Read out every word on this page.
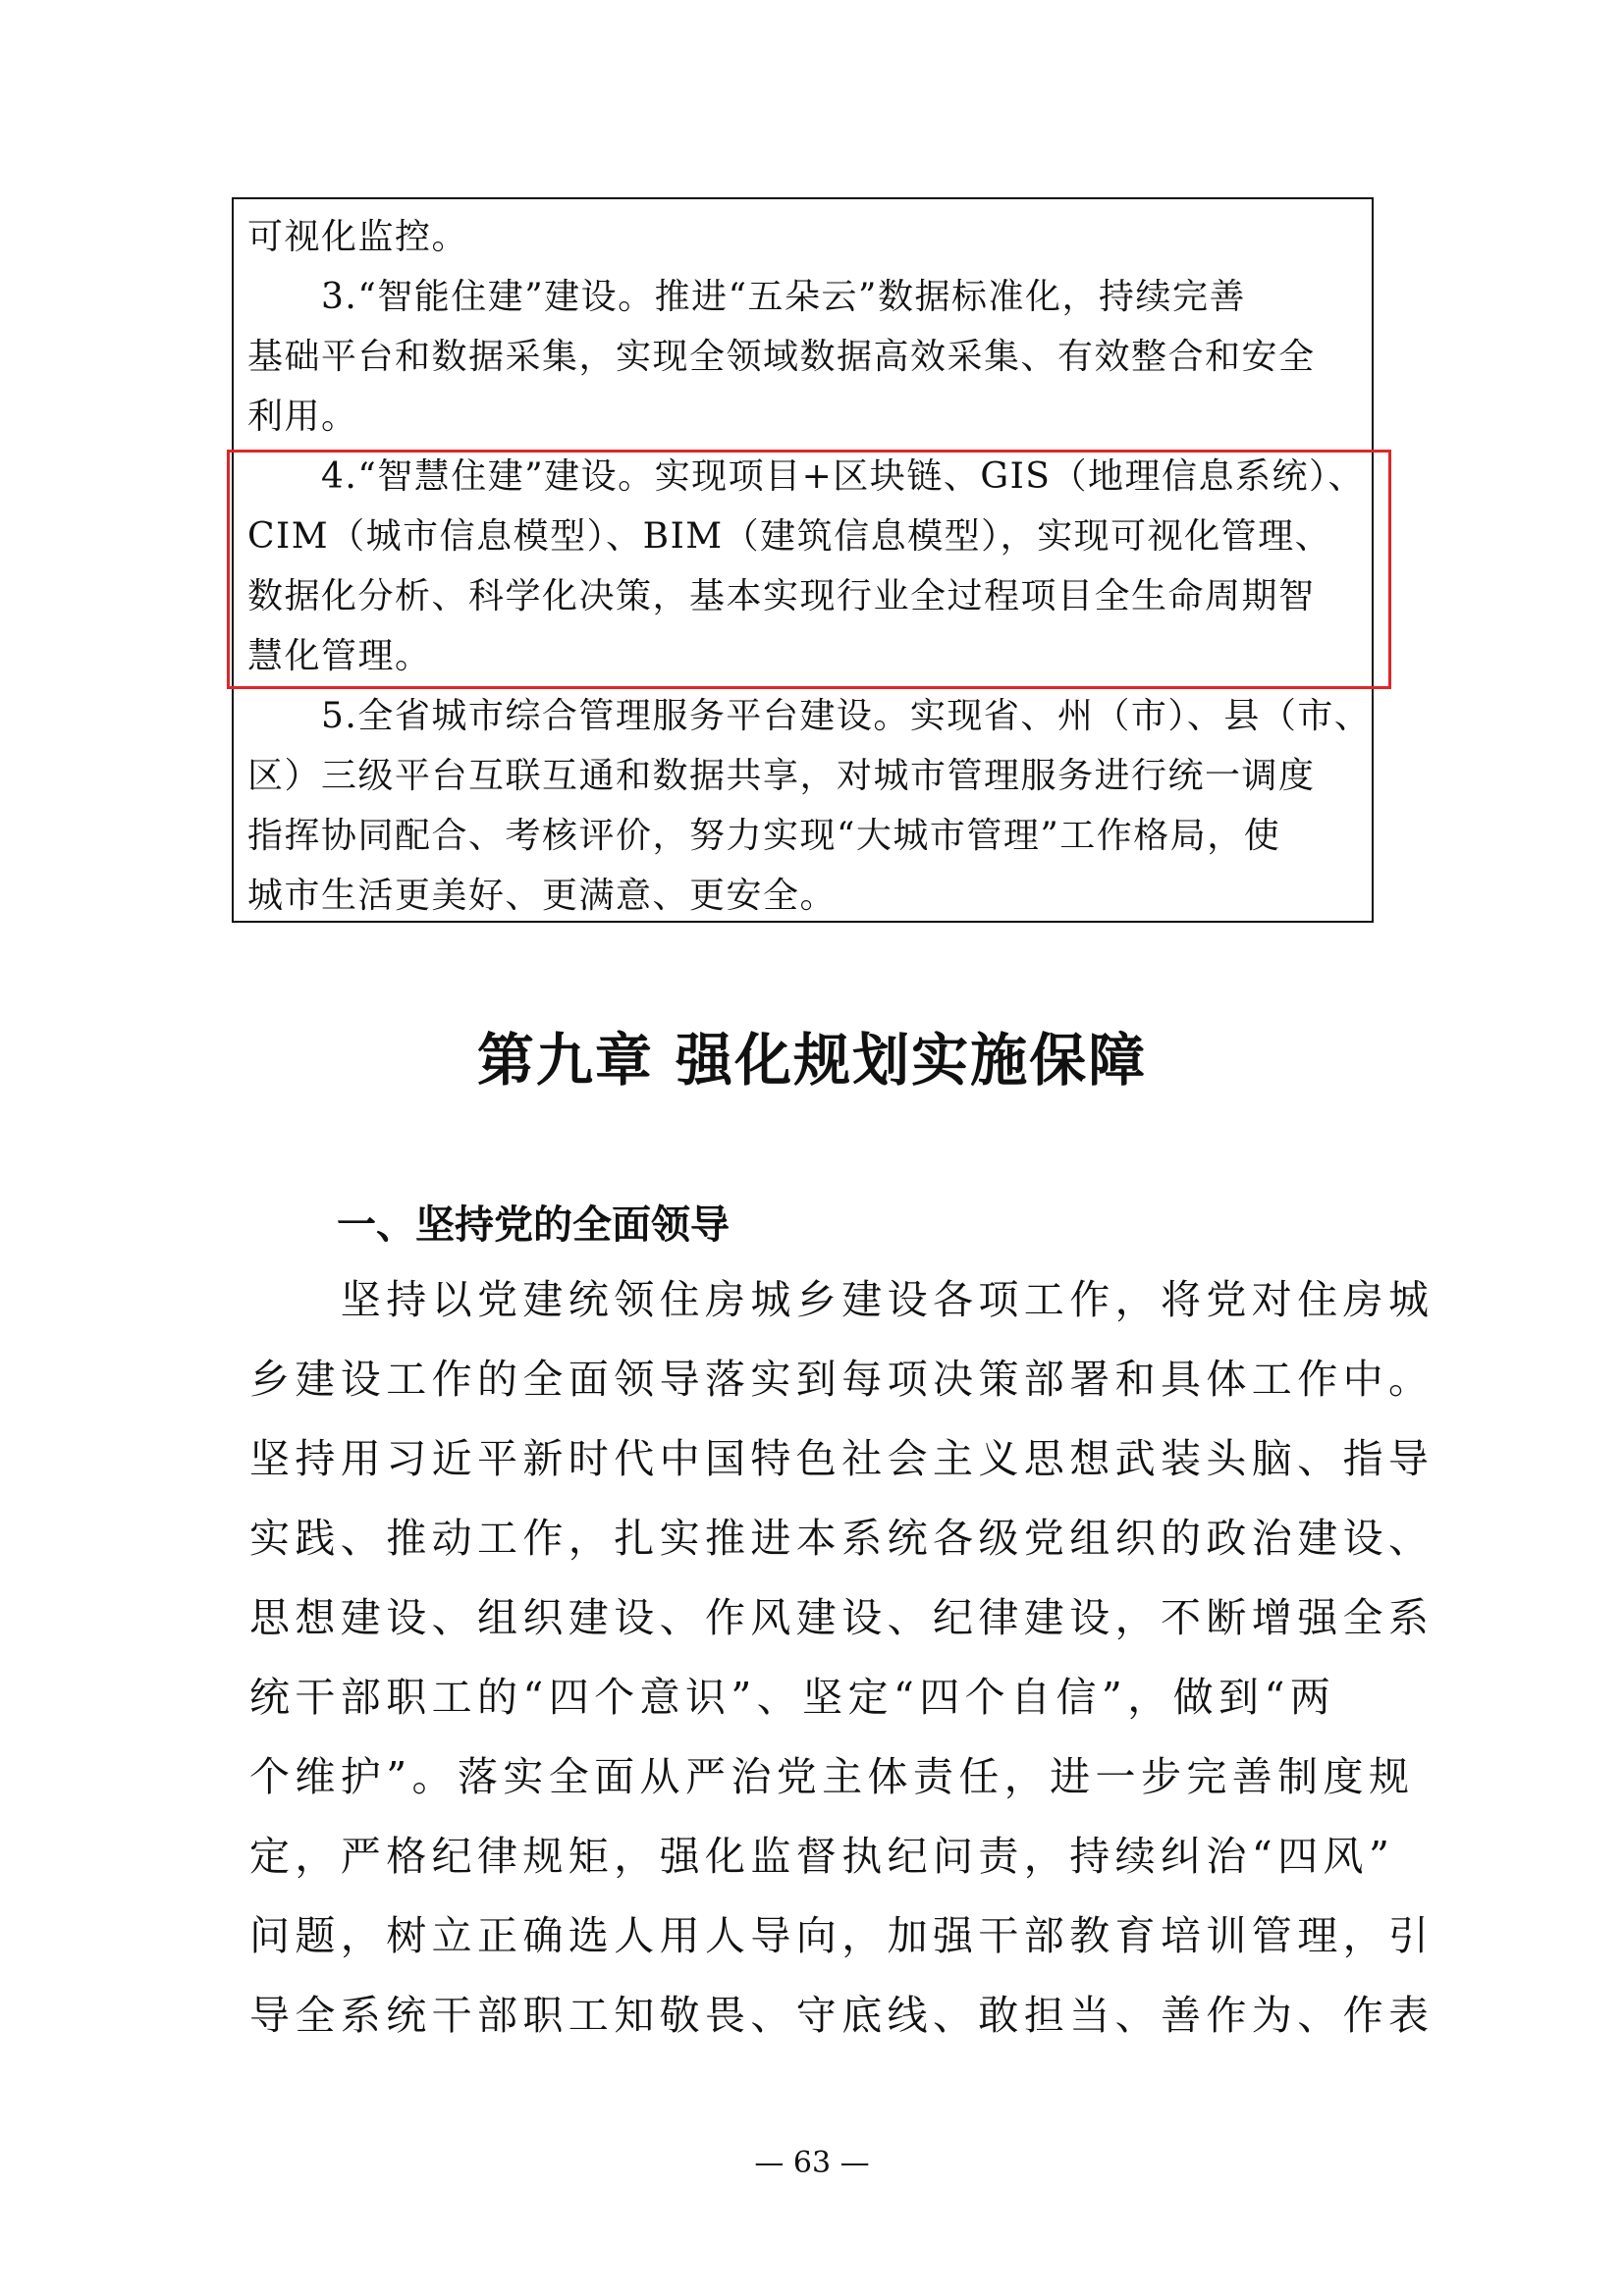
可视化监控。
　　3.“智能住建”建设。推进“五朵云”数据标准化，持续完善
基础平台和数据采集，实现全领域数据高效采集、有效整合和安全
利用。
　　4.“智慧住建”建设。实现项目+区块链、GIS（地理信息系统）、
CIM（城市信息模型）、BIM（建筑信息模型），实现可视化管理、
数据化分析、科学化决策，基本实现行业全过程项目全生命周期智
慧化管理。
　　5.全省城市综合管理服务平台建设。实现省、州（市）、县（市、
区）三级平台互联互通和数据共享，对城市管理服务进行统一调度
指挥协同配合、考核评价，努力实现“大城市管理”工作格局，使
城市生活更美好、更满意、更安全。
第九章 强化规划实施保障
一、坚持党的全面领导
　　坚持以党建统领住房城乡建设各项工作，将党对住房城
乡建设工作的全面领导落实到每项决策部署和具体工作中。
坚持用习近平新时代中国特色社会主义思想武装头脑、指导
实践、推动工作，扎实推进本系统各级党组织的政治建设、
思想建设、组织建设、作风建设、纪律建设，不断增强全系
统干部职工的“四个意识”、坚定“四个自信”，做到“两
个维护”。落实全面从严治党主体责任，进一步完善制度规
定，严格纪律规矩，强化监督执纪问责，持续纠治“四风”
问题，树立正确选人用人导向，加强干部教育培训管理，引
导全系统干部职工知敬畏、守底线、敢担当、善作为、作表
— 63 —
